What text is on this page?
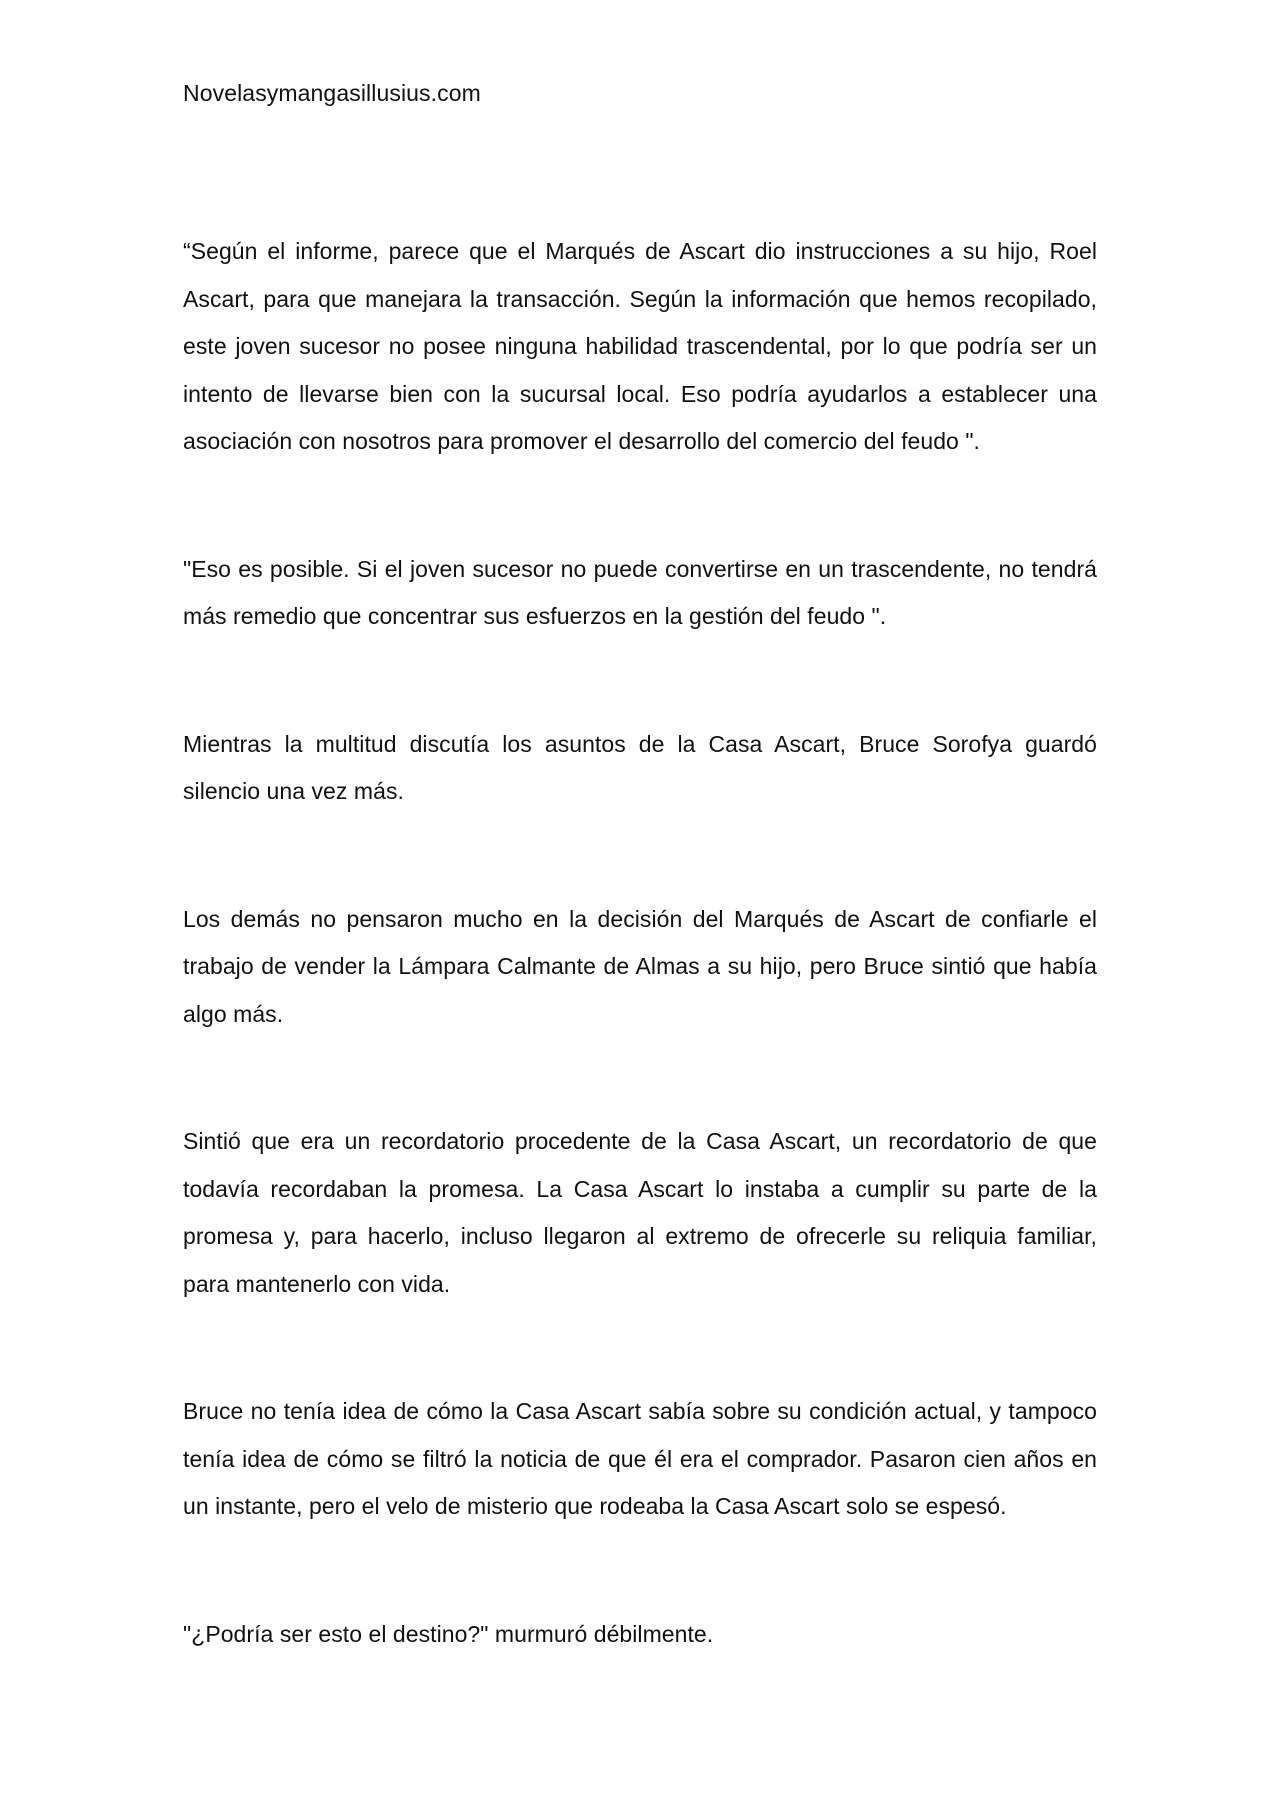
Novelasymangasillusius.com

“Según el informe, parece que el Marqués de Ascart dio instrucciones a su hijo, Roel Ascart, para que manejara la transacción. Según la información que hemos recopilado, este joven sucesor no posee ninguna habilidad trascendental, por lo que podría ser un intento de llevarse bien con la sucursal local. Eso podría ayudarlos a establecer una asociación con nosotros para promover el desarrollo del comercio del feudo ".

"Eso es posible. Si el joven sucesor no puede convertirse en un trascendente, no tendrá más remedio que concentrar sus esfuerzos en la gestión del feudo ".

Mientras la multitud discutía los asuntos de la Casa Ascart, Bruce Sorofya guardó silencio una vez más.

Los demás no pensaron mucho en la decisión del Marqués de Ascart de confiarle el trabajo de vender la Lámpara Calmante de Almas a su hijo, pero Bruce sintió que había algo más.

Sintió que era un recordatorio procedente de la Casa Ascart, un recordatorio de que todavía recordaban la promesa. La Casa Ascart lo instaba a cumplir su parte de la promesa y, para hacerlo, incluso llegaron al extremo de ofrecerle su reliquia familiar, para mantenerlo con vida.

Bruce no tenía idea de cómo la Casa Ascart sabía sobre su condición actual, y tampoco tenía idea de cómo se filtró la noticia de que él era el comprador. Pasaron cien años en un instante, pero el velo de misterio que rodeaba la Casa Ascart solo se espesó.

"¿Podría ser esto el destino?" murmuró débilmente.
